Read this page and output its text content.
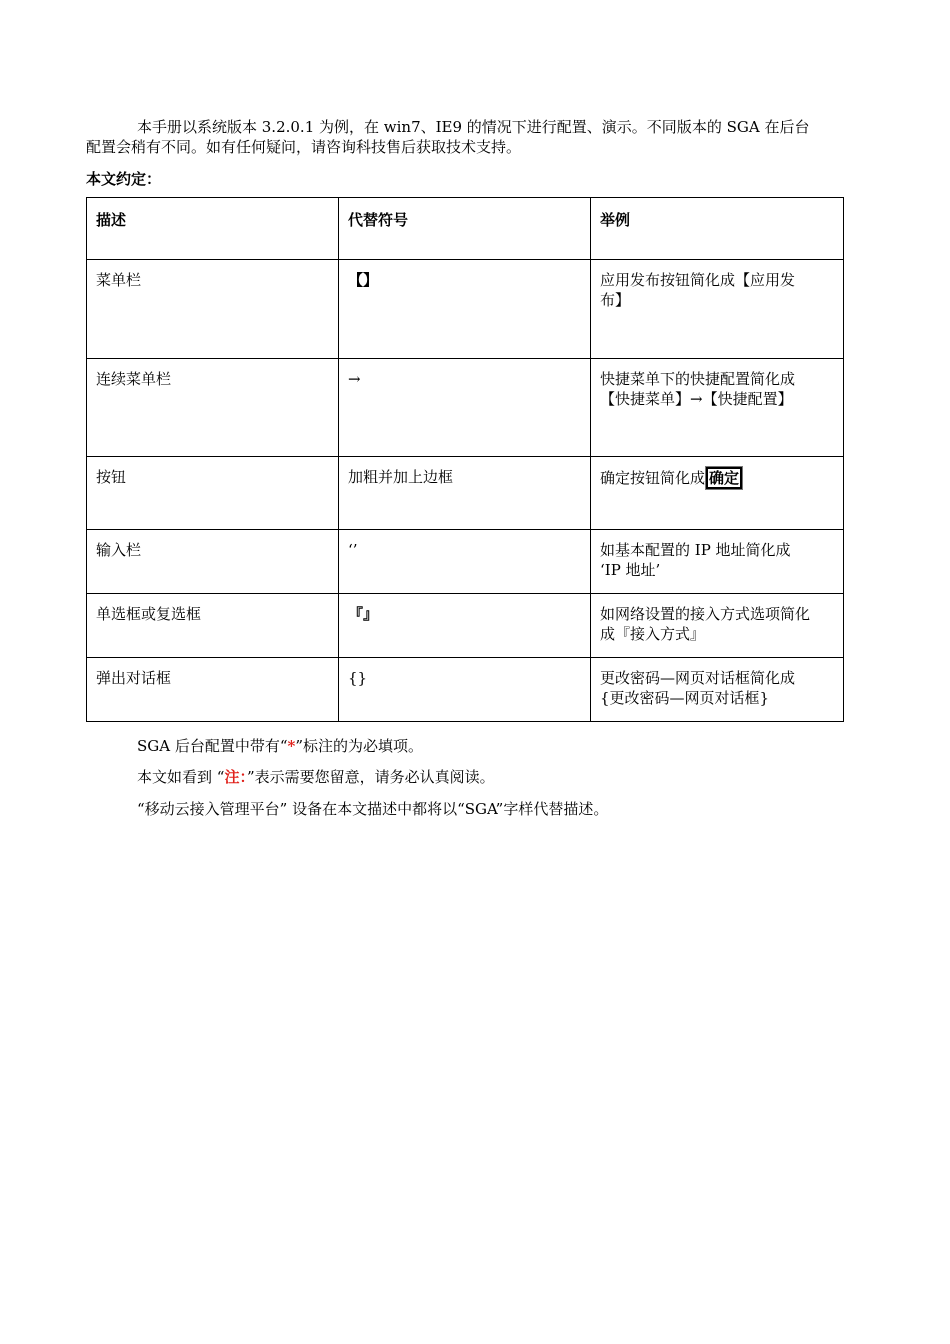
本手册以系统版本 3.2.0.1 为例，在 win7、IE9 的情况下进行配置、演示。不同版本的 SGA 在后台
配置会稍有不同。如有任何疑问，请咨询科技售后获取技术支持。
本文约定：
描述	代替符号	举例
菜单栏	【】	应用发布按钮简化成【应用发
布】

连续菜单栏	→	快捷菜单下的快捷配置简化成
【快捷菜单】→【快捷配置】

按钮	加粗并加上边框	确定按钮简化成 确定
输入栏	‘’	如基本配置的 IP 地址简化成
‘IP 地址’

单选框或复选框	『』	如网络设置的接入方式选项简化
成『接入方式』

弹出对话框	{}	更改密码—网页对话框简化成
{更改密码—网页对话框}
SGA 后台配置中带有“*”标注的为必填项。
本文如看到 “注：”表示需要您留意，请务必认真阅读。
“移动云接入管理平台” 设备在本文描述中都将以“SGA”字样代替描述。
